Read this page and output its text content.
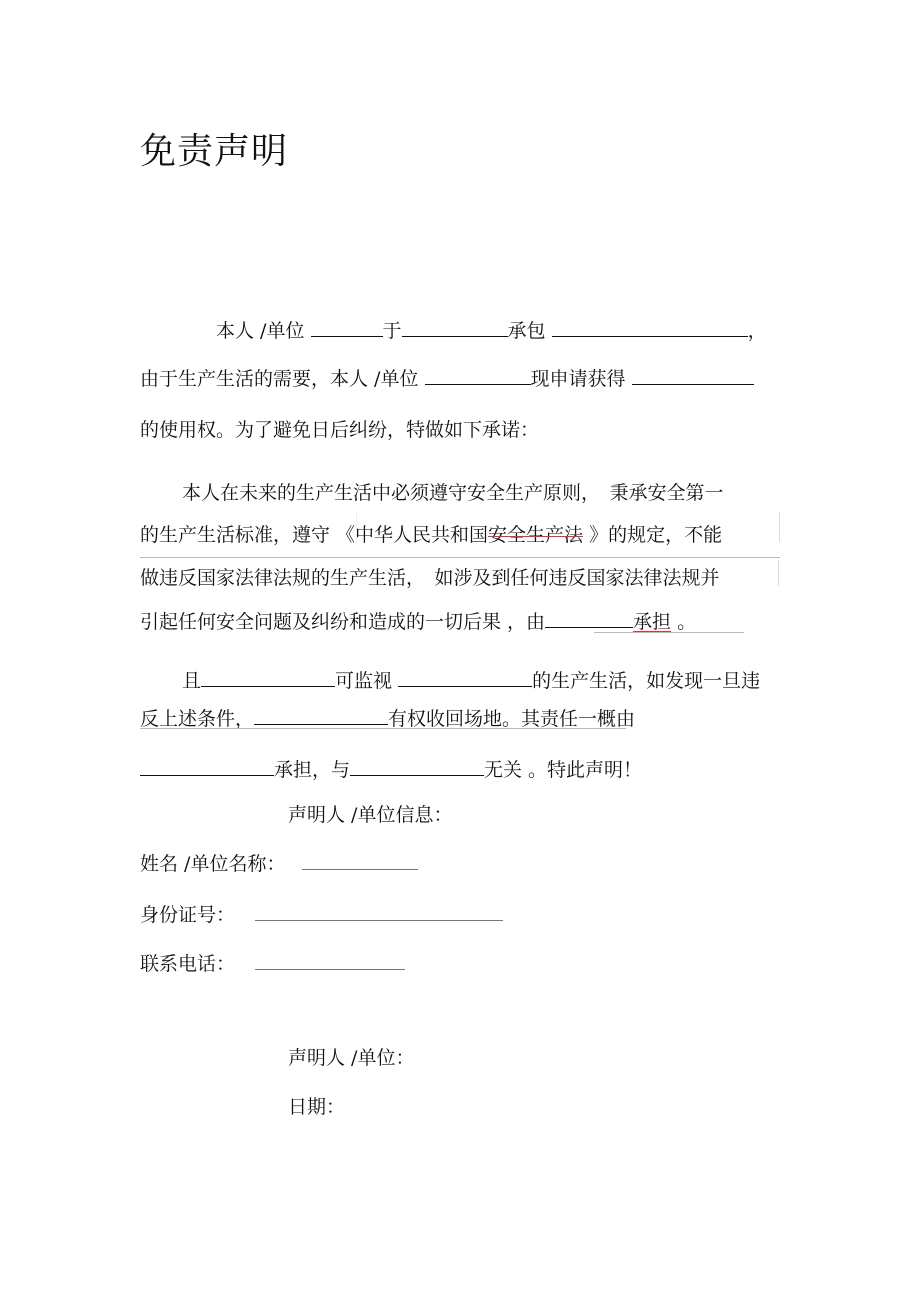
免责声明
本人 /单位	于	承包	，
由于生产生活的需要，本人 /单位	现申请获得
的使用权。为了避免日后纠纷，特做如下承诺：
本人在未来的生产生活中必须遵守安全生产原则，　秉承安全第一
的生产生活标准，遵守 《中华人民共和国安全生产法 》的规定，不能
做违反国家法律法规的生产生活，　如涉及到任何违反国家法律法规并
引起任何安全问题及纠纷和造成的一切后果 ，由	承担 。
且	可监视	的生产生活，如发现一旦违
反上述条件，	有权收回场地。其责任一概由
承担，与	无关 。特此声明！
声明人 /单位信息：
姓名 /单位名称：
身份证号：
联系电话：
声明人 /单位：
日期：
